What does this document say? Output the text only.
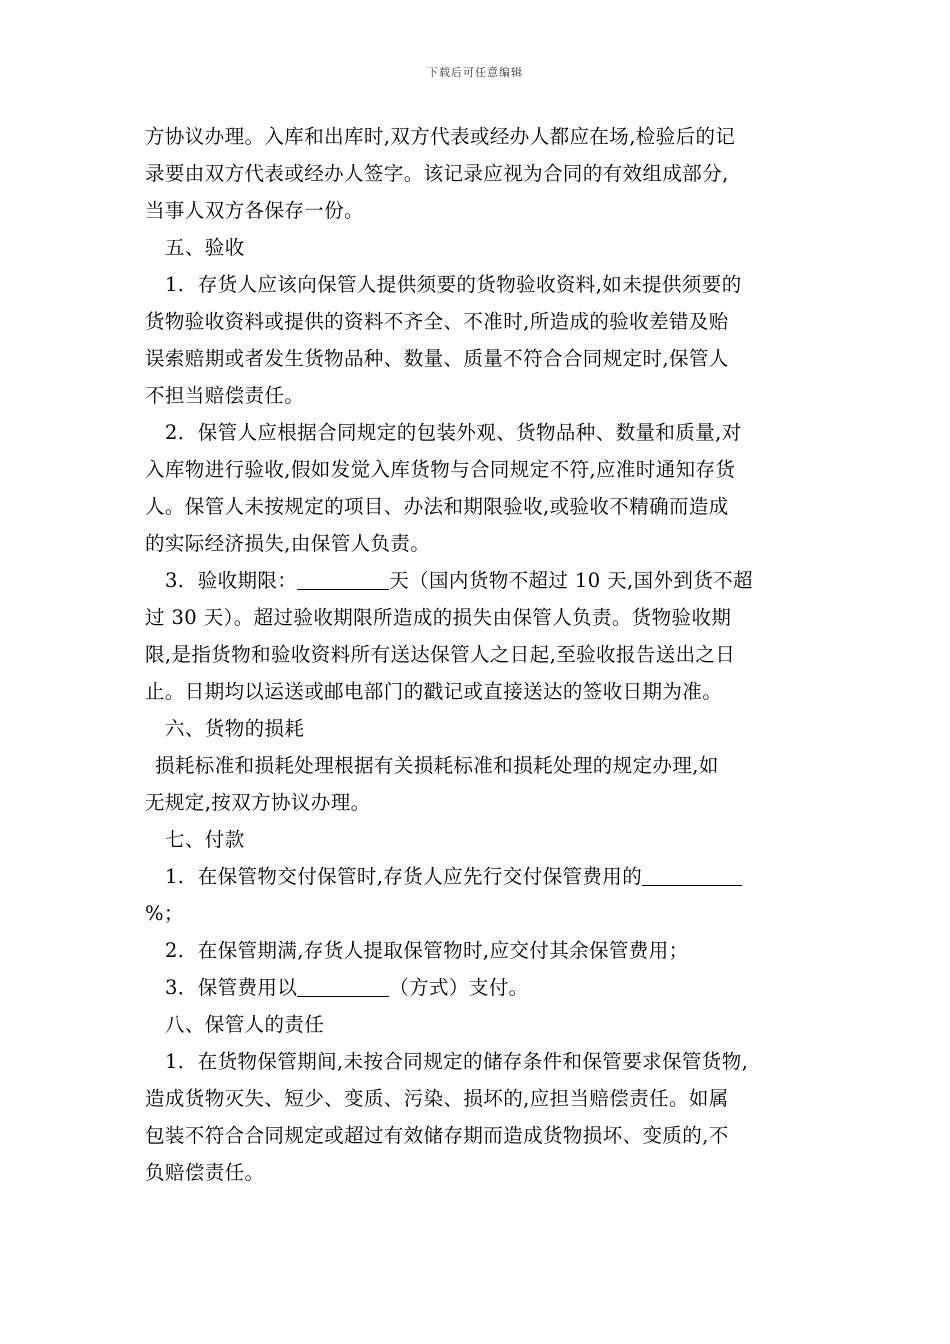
下载后可任意编辑
方协议办理。入库和出库时,双方代表或经办人都应在场,检验后的记
录要由双方代表或经办人签字。该记录应视为合同的有效组成部分,
当事人双方各保存一份。
五、验收
1．存货人应该向保管人提供须要的货物验收资料,如未提供须要的
货物验收资料或提供的资料不齐全、不准时,所造成的验收差错及贻
误索赔期或者发生货物品种、数量、质量不符合合同规定时,保管人
不担当赔偿责任。
2．保管人应根据合同规定的包装外观、货物品种、数量和质量,对
入库物进行验收,假如发觉入库货物与合同规定不符,应准时通知存货
人。保管人未按规定的项目、办法和期限验收,或验收不精确而造成
的实际经济损失,由保管人负责。
3．验收期限：	天（国内货物不超过 10 天,国外到货不超
过 30 天）。超过验收期限所造成的损失由保管人负责。货物验收期
限,是指货物和验收资料所有送达保管人之日起,至验收报告送出之日
止。日期均以运送或邮电部门的戳记或直接送达的签收日期为准。
六、货物的损耗
损耗标准和损耗处理根据有关损耗标准和损耗处理的规定办理,如
无规定,按双方协议办理。
七、付款
1．在保管物交付保管时,存货人应先行交付保管费用的
%；
2．在保管期满,存货人提取保管物时,应交付其余保管费用；
3．保管费用以	（方式）支付。
八、保管人的责任
1．在货物保管期间,未按合同规定的储存条件和保管要求保管货物,
造成货物灭失、短少、变质、污染、损坏的,应担当赔偿责任。如属
包装不符合合同规定或超过有效储存期而造成货物损坏、变质的,不
负赔偿责任。
